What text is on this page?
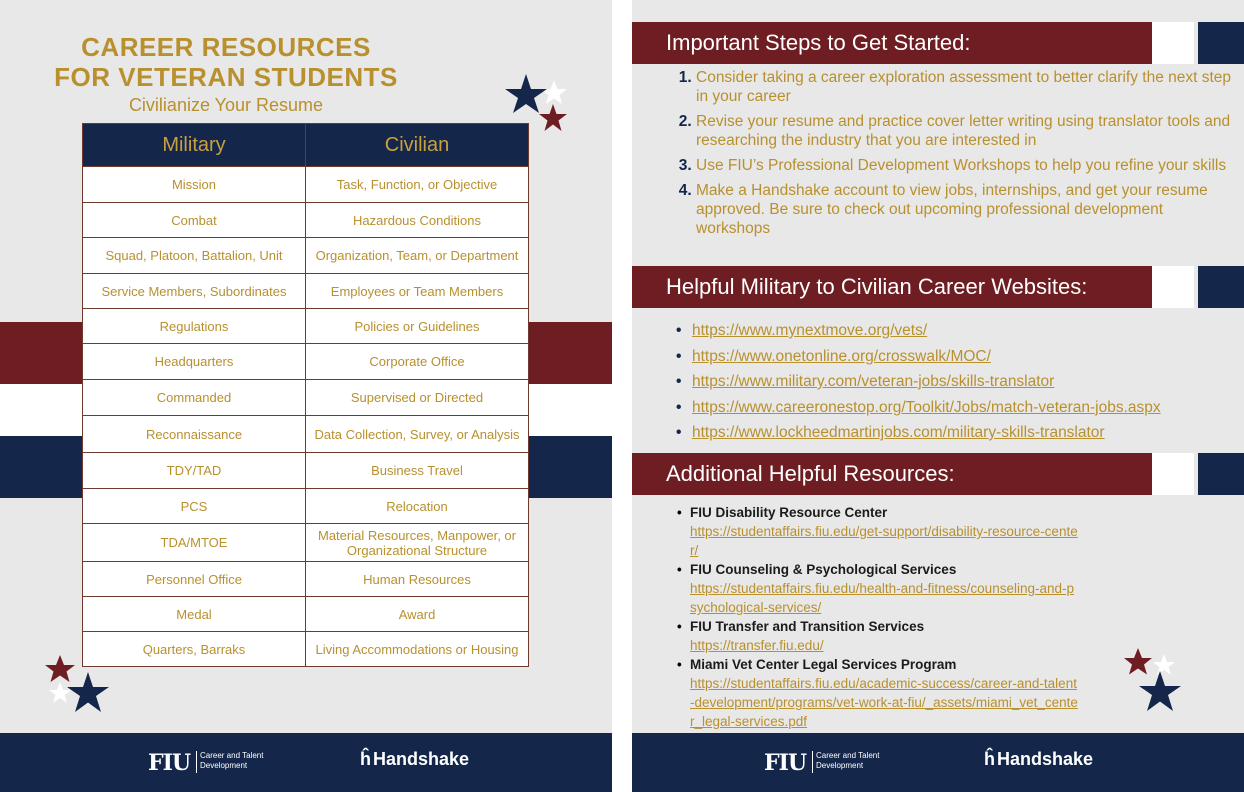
CAREER RESOURCES
FOR VETERAN STUDENTS
Civilianize Your Resume
Military	Civilian
Mission	Task, Function, or Objective
Combat	Hazardous Conditions
Squad, Platoon, Battalion, Unit	Organization, Team, or Department
Service Members, Subordinates	Employees or Team Members
Regulations	Policies or Guidelines
Headquarters	Corporate Office
Commanded	Supervised or Directed
Reconnaissance	Data Collection, Survey, or Analysis
TDY/TAD	Business Travel
PCS	Relocation
TDA/MTOE	Material Resources, Manpower, or Organizational Structure
Personnel Office	Human Resources
Medal	Award
Quarters, Barraks	Living Accommodations or Housing
FIU Career and Talent Development	ĥ Handshake
Important Steps to Get Started:
1. Consider taking a career exploration assessment to better clarify the next step in your career
2. Revise your resume and practice cover letter writing using translator tools and researching the industry that you are interested in
3. Use FIU’s Professional Development Workshops to help you refine your skills
4. Make a Handshake account to view jobs, internships, and get your resume approved. Be sure to check out upcoming professional development workshops
Helpful Military to Civilian Career Websites:
• https://www.mynextmove.org/vets/
• https://www.onetonline.org/crosswalk/MOC/
• https://www.military.com/veteran-jobs/skills-translator
• https://www.careeronestop.org/Toolkit/Jobs/match-veteran-jobs.aspx
• https://www.lockheedmartinjobs.com/military-skills-translator
Additional Helpful Resources:
• FIU Disability Resource Center
https://studentaffairs.fiu.edu/get-support/disability-resource-center/
• FIU Counseling & Psychological Services
https://studentaffairs.fiu.edu/health-and-fitness/counseling-and-psychological-services/
• FIU Transfer and Transition Services
https://transfer.fiu.edu/
• Miami Vet Center Legal Services Program
https://studentaffairs.fiu.edu/academic-success/career-and-talent-development/programs/vet-work-at-fiu/_assets/miami_vet_center_legal-services.pdf
FIU Career and Talent Development	ĥ Handshake
